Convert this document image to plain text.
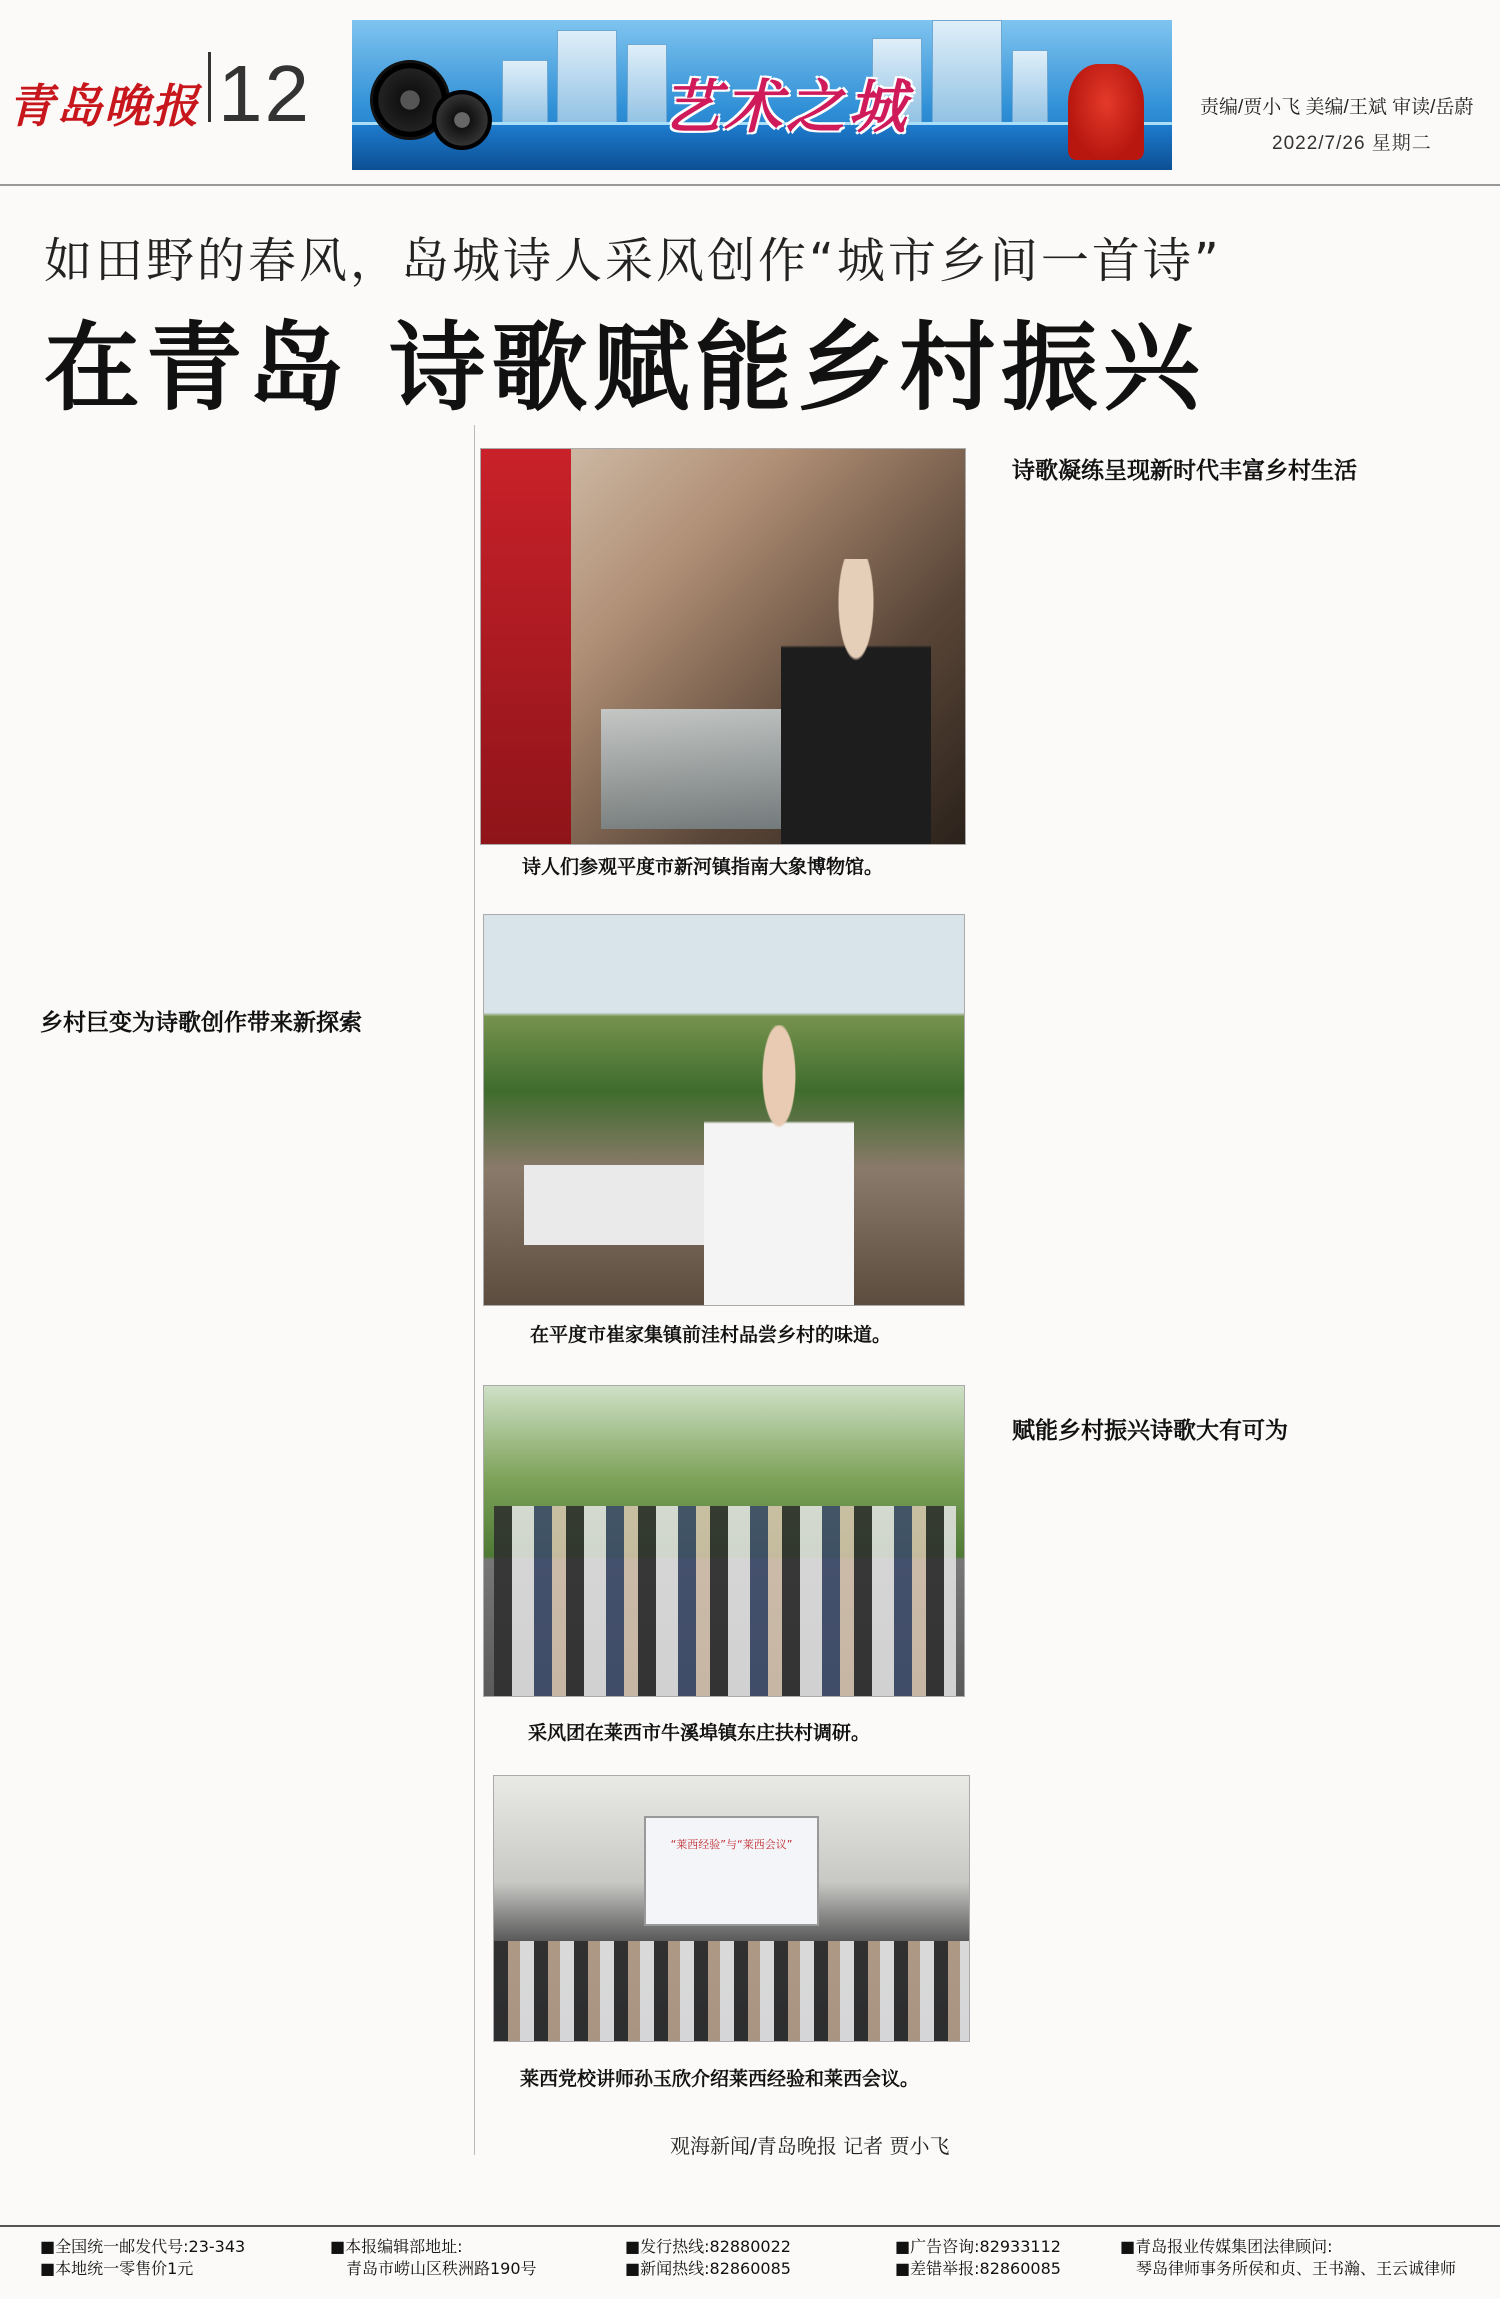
青岛晚报 12	艺术之城	责编/贾小飞 美编/王斌 审读/岳蔚
2022/7/26 星期二
如田野的春风，岛城诗人采风创作“城市乡间一首诗”
在青岛 诗歌赋能乡村振兴
乡村巨变为诗歌创作带来新探索
诗人们参观平度市新河镇指南大象博物馆。
在平度市崔家集镇前洼村品尝乡村的味道。
采风团在莱西市牛溪埠镇东庄扶村调研。
“莱西经验”与“莱西会议”
莱西党校讲师孙玉欣介绍莱西经验和莱西会议。
观海新闻/青岛晚报 记者 贾小飞
诗歌凝练呈现新时代丰富乡村生活
赋能乡村振兴诗歌大有可为
■全国统一邮发代号:23-343
■本地统一零售价1元
■本报编辑部地址:
青岛市崂山区秩洲路190号
■发行热线:82880022
■新闻热线:82860085
■广告咨询:82933112
■差错举报:82860085
■青岛报业传媒集团法律顾问:
琴岛律师事务所侯和贞、王书瀚、王云诚律师
